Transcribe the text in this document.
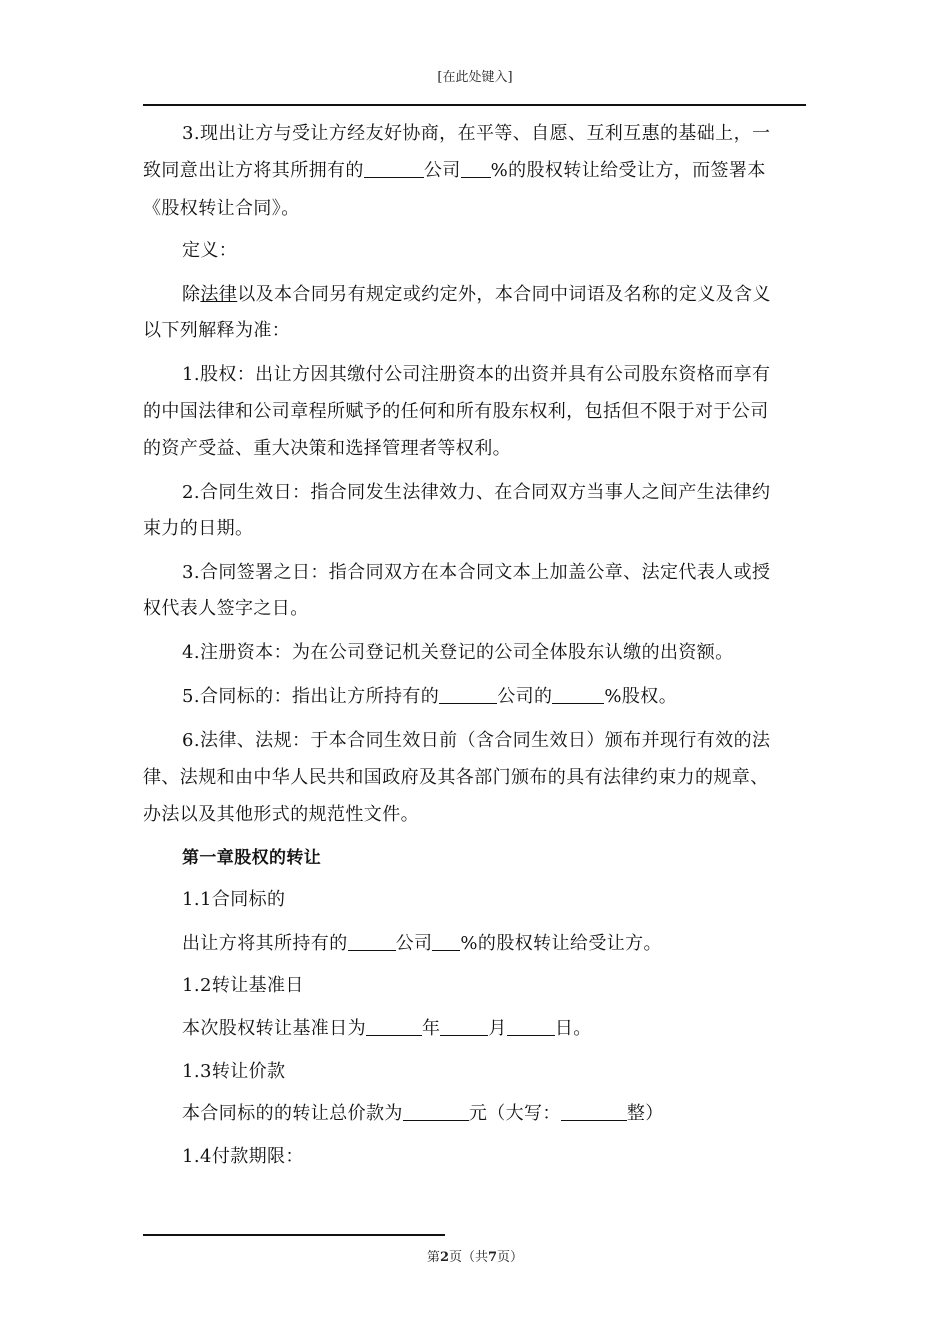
[在此处键入]
3.现出让方与受让方经友好协商，在平等、自愿、互利互惠的基础上，一
致同意出让方将其所拥有的	公司 %的股权转让给受让方，而签署本
《股权转让合同》。
定义：
除法律以及本合同另有规定或约定外，本合同中词语及名称的定义及含义
以下列解释为准：
1.股权：出让方因其缴付公司注册资本的出资并具有公司股东资格而享有
的中国法律和公司章程所赋予的任何和所有股东权利，包括但不限于对于公司
的资产受益、重大决策和选择管理者等权利。
2.合同生效日：指合同发生法律效力、在合同双方当事人之间产生法律约
束力的日期。
3.合同签署之日：指合同双方在本合同文本上加盖公章、法定代表人或授
权代表人签字之日。
4.注册资本：为在公司登记机关登记的公司全体股东认缴的出资额。
5.合同标的：指出让方所持有的	公司的	%股权。
6.法律、法规：于本合同生效日前（含合同生效日）颁布并现行有效的法
律、法规和由中华人民共和国政府及其各部门颁布的具有法律约束力的规章、
办法以及其他形式的规范性文件。
第一章股权的转让
1.1合同标的
出让方将其所持有的	公司 %的股权转让给受让方。
1.2转让基准日
本次股权转让基准日为	年	月	日。
1.3转让价款
本合同标的的转让总价款为	元（大写：	整）
1.4付款期限：
第2页（共7页）
